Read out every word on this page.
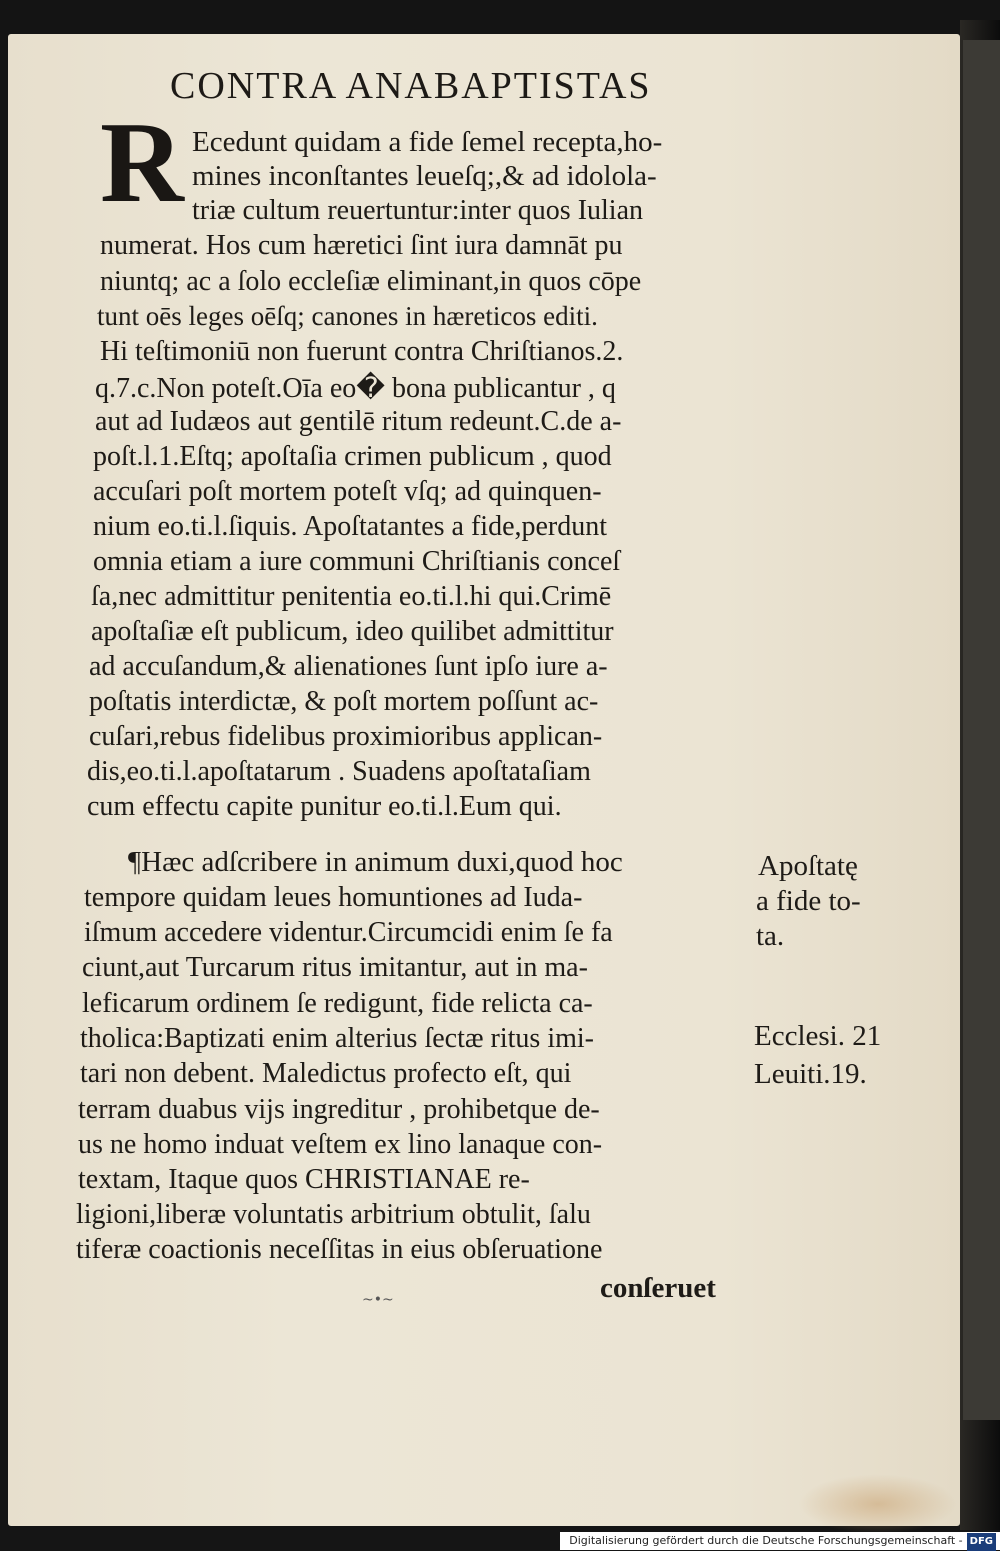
CONTRA ANABAPTISTAS
R Ecedunt quidam a fide ſemel recepta,ho-
mines inconſtantes leueſq;,& ad idolola-
triæ cultum reuertuntur:inter quos Iulian
numerat. Hos cum hæretici ſint iura damnāt pu
niuntq; ac a ſolo eccleſiæ eliminant,in quos cōpe
tunt oēs leges oēſq; canones in hæreticos editi.
Hi teſtimoniū non fuerunt contra Chriſtianos.2.
q.7.c.Non poteſt.Oīa eo� bona publicantur , q
aut ad Iudæos aut gentilē ritum redeunt.C.de a-
poſt.l.1.Eſtq; apoſtaſia crimen publicum , quod
accuſari poſt mortem poteſt vſq; ad quinquen-
nium eo.ti.l.ſiquis. Apoſtatantes a fide,perdunt
omnia etiam a iure communi Chriſtianis conceſ
ſa,nec admittitur penitentia eo.ti.l.hi qui.Crimē
apoſtaſiæ eſt publicum, ideo quilibet admittitur
ad accuſandum,& alienationes ſunt ipſo iure a-
poſtatis interdictæ, & poſt mortem poſſunt ac-
cuſari,rebus fidelibus proximioribus applican-
dis,eo.ti.l.apoſtatarum . Suadens apoſtataſiam
cum effectu capite punitur eo.ti.l.Eum qui.
¶Hæc adſcribere in animum duxi,quod hoc
tempore quidam leues homuntiones ad Iuda-
iſmum accedere videntur.Circumcidi enim ſe fa
ciunt,aut Turcarum ritus imitantur, aut in ma-
leficarum ordinem ſe redigunt, fide relicta ca-
tholica:Baptizati enim alterius ſectæ ritus imi-
tari non debent. Maledictus profecto eſt, qui
terram duabus vijs ingreditur , prohibetque de-
us ne homo induat veſtem ex lino lanaque con-
textam, Itaque quos CHRISTIANAE re-
ligioni,liberæ voluntatis arbitrium obtulit, ſalu
tiferæ coactionis neceſſitas in eius obſeruatione
conſeruet
~•~
Apoſtatę
a fide to-
ta.
Ecclesi. 21
Leuiti.19.
Digitalisierung gefördert durch die Deutsche Forschungsgemeinschaft - DFG
